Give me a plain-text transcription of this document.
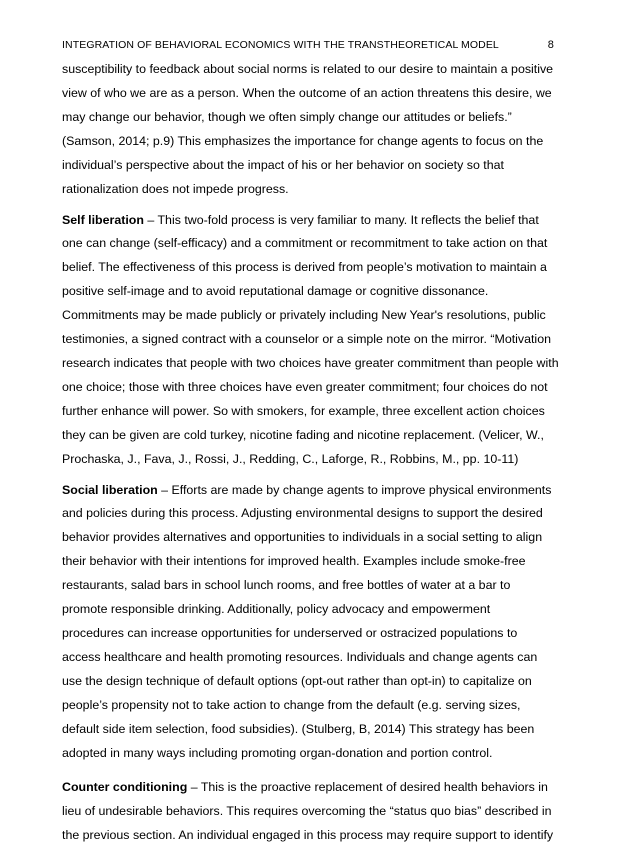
INTEGRATION OF BEHAVIORAL ECONOMICS WITH THE TRANSTHEORETICAL MODEL	8
susceptibility to feedback about social norms is related to our desire to maintain a positive
view of who we are as a person. When the outcome of an action threatens this desire, we
may change our behavior, though we often simply change our attitudes or beliefs.”
(Samson, 2014; p.9) This emphasizes the importance for change agents to focus on the
individual’s perspective about the impact of his or her behavior on society so that
rationalization does not impede progress.
Self liberation – This two-fold process is very familiar to many. It reflects the belief that
one can change (self-efficacy) and a commitment or recommitment to take action on that
belief. The effectiveness of this process is derived from people’s motivation to maintain a
positive self-image and to avoid reputational damage or cognitive dissonance.
Commitments may be made publicly or privately including New Year's resolutions, public
testimonies, a signed contract with a counselor or a simple note on the mirror. “Motivation
research indicates that people with two choices have greater commitment than people with
one choice; those with three choices have even greater commitment; four choices do not
further enhance will power. So with smokers, for example, three excellent action choices
they can be given are cold turkey, nicotine fading and nicotine replacement. (Velicer, W.,
Prochaska, J., Fava, J., Rossi, J., Redding, C., Laforge, R., Robbins, M., pp. 10-11)
Social liberation – Efforts are made by change agents to improve physical environments
and policies during this process. Adjusting environmental designs to support the desired
behavior provides alternatives and opportunities to individuals in a social setting to align
their behavior with their intentions for improved health. Examples include smoke-free
restaurants, salad bars in school lunch rooms, and free bottles of water at a bar to
promote responsible drinking. Additionally, policy advocacy and empowerment
procedures can increase opportunities for underserved or ostracized populations to
access healthcare and health promoting resources. Individuals and change agents can
use the design technique of default options (opt-out rather than opt-in) to capitalize on
people’s propensity not to take action to change from the default (e.g. serving sizes,
default side item selection, food subsidies). (Stulberg, B, 2014) This strategy has been
adopted in many ways including promoting organ-donation and portion control.
Counter conditioning – This is the proactive replacement of desired health behaviors in
lieu of undesirable behaviors. This requires overcoming the “status quo bias” described in
the previous section. An individual engaged in this process may require support to identify
